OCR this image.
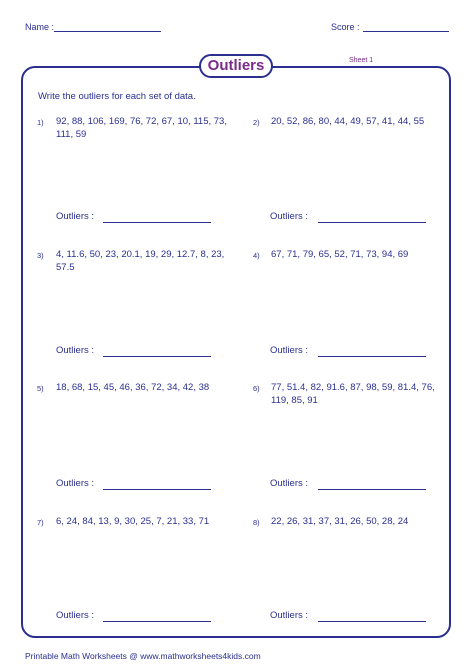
Name :	Score :
Outliers	Sheet 1
Write the outliers for each set of data.
1) 92, 88, 106, 169, 76, 72, 67, 10, 115, 73, 111, 59
Outliers :
2) 20, 52, 86, 80, 44, 49, 57, 41, 44, 55
Outliers :
3) 4, 11.6, 50, 23, 20.1, 19, 29, 12.7, 8, 23, 57.5
Outliers :
4) 67, 71, 79, 65, 52, 71, 73, 94, 69
Outliers :
5) 18, 68, 15, 45, 46, 36, 72, 34, 42, 38
Outliers :
6) 77, 51.4, 82, 91.6, 87, 98, 59, 81.4, 76, 119, 85, 91
Outliers :
7) 6, 24, 84, 13, 9, 30, 25, 7, 21, 33, 71
Outliers :
8) 22, 26, 31, 37, 31, 26, 50, 28, 24
Outliers :
Printable Math Worksheets @ www.mathworksheets4kids.com
